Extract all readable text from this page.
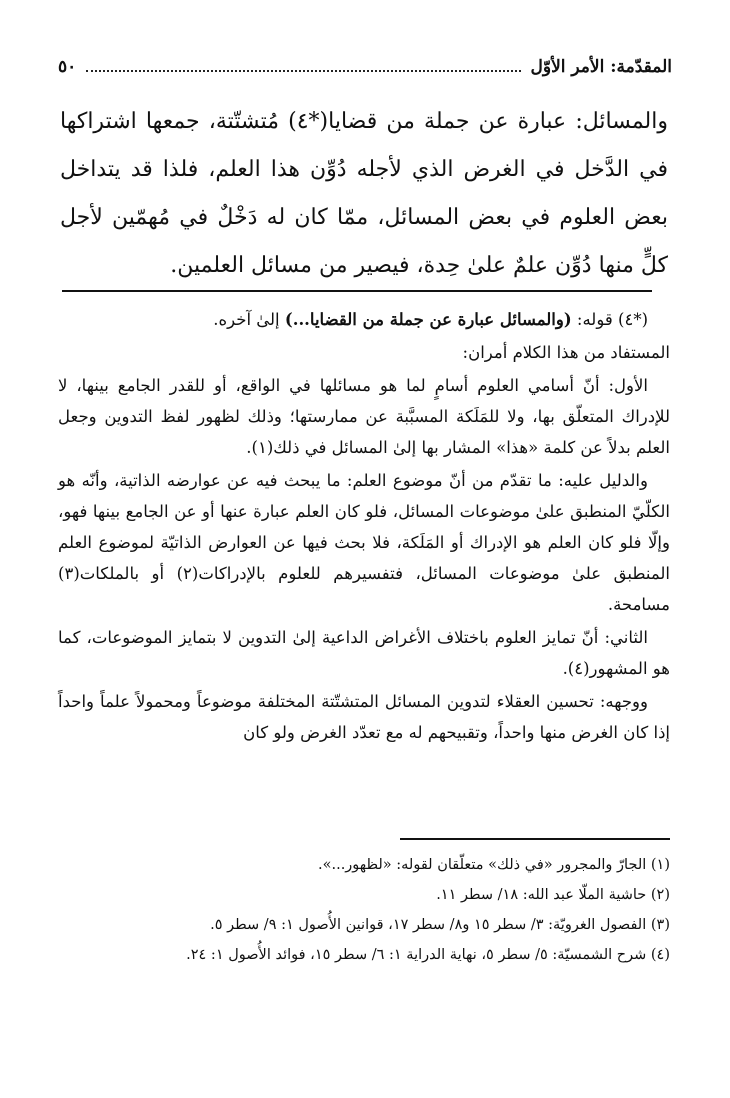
المقدّمة: الأمر الأوّل
٥٠
والمسائل: عبارة عن جملة من قضايا(*٤) مُتشتّتة، جمعها اشتراكها في الدَّخل في الغرض الذي لأجله دُوِّن هذا العلم، فلذا قد يتداخل بعض العلوم في بعض المسائل، ممّا كان له دَخْلٌ في مُهمّين لأجل كلٍّ منها دُوِّن علمٌ علىٰ حِدة، فيصير من مسائل العلمين.

(*٤) قوله: (والمسائل عبارة عن جملة من القضايا...) إلىٰ آخره.

المستفاد من هذا الكلام أمران:

الأول: أنّ أسامي العلوم أسامٍ لما هو مسائلها في الواقع، أو للقدر الجامع بينها، لا للإدراك المتعلّق بها، ولا للمَلَكة المسبَّبة عن ممارستها؛ وذلك لظهور لفظ التدوين وجعل العلم بدلاً عن كلمة «هذا» المشار بها إلىٰ المسائل في ذلك(١).

والدليل عليه: ما تقدّم من أنّ موضوع العلم: ما يبحث فيه عن عوارضه الذاتية، وأنّه هو الكلّيّ المنطبق علىٰ موضوعات المسائل، فلو كان العلم عبارة عنها أو عن الجامع بينها فهو، وإلّا فلو كان العلم هو الإدراك أو المَلَكة، فلا بحث فيها عن العوارض الذاتيّة لموضوع العلم المنطبق علىٰ موضوعات المسائل، فتفسيرهم للعلوم بالإدراكات(٢) أو بالملكات(٣) مسامحة.

الثاني: أنّ تمايز العلوم باختلاف الأغراض الداعية إلىٰ التدوين لا بتمايز الموضوعات، كما هو المشهور(٤).

ووجهه: تحسين العقلاء لتدوين المسائل المتشتّتة المختلفة موضوعاً ومحمولاً علماً واحداً إذا كان الغرض منها واحداً، وتقبيحهم له مع تعدّد الغرض ولو كان

(١) الجارّ والمجرور «في ذلك» متعلّقان لقوله: «لظهور...».
(٢) حاشية الملّا عبد الله: ١٨/ سطر ١١.
(٣) الفصول الغرويّة: ٣/ سطر ١٥ و٨/ سطر ١٧، قوانين الأُصول ١: ٩/ سطر ٥.
(٤) شرح الشمسيّة: ٥/ سطر ٥، نهاية الدراية ١: ٦/ سطر ١٥، فوائد الأُصول ١: ٢٤.
